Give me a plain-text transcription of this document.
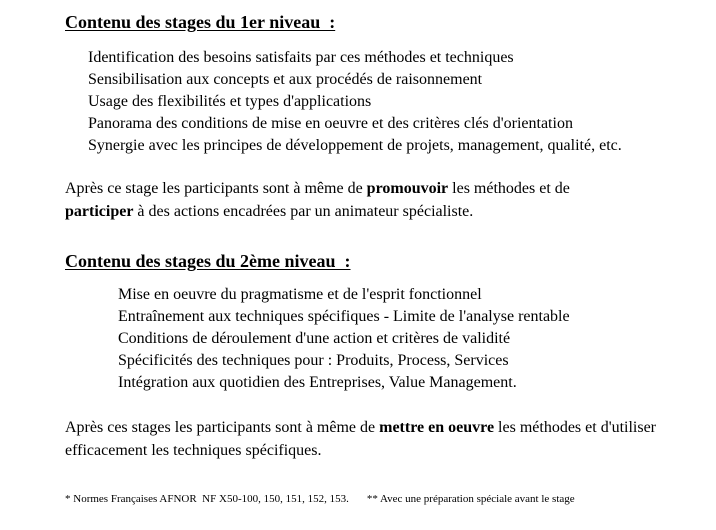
Contenu des stages du 1er niveau  :
Identification des besoins satisfaits par ces méthodes et techniques
Sensibilisation aux concepts et aux procédés de raisonnement
Usage des flexibilités et types d'applications
Panorama des conditions de mise en oeuvre et des critères clés d'orientation
Synergie avec les principes de développement de projets, management, qualité, etc.

Après ce stage les participants sont à même de promouvoir les méthodes et de
participer à des actions encadrées par un animateur spécialiste.

Contenu des stages du 2ème niveau  :
Mise en oeuvre du pragmatisme et de l'esprit fonctionnel
Entraînement aux techniques spécifiques - Limite de l'analyse rentable
Conditions de déroulement d'une action et critères de validité
Spécificités des techniques pour : Produits, Process, Services
Intégration aux quotidien des Entreprises, Value Management.

Après ces stages les participants sont à même de mettre en oeuvre les méthodes et d'utiliser efficacement les techniques spécifiques.

* Normes Françaises AFNOR  NF X50-100, 150, 151, 152, 153. ** Avec une préparation spéciale avant le stage
